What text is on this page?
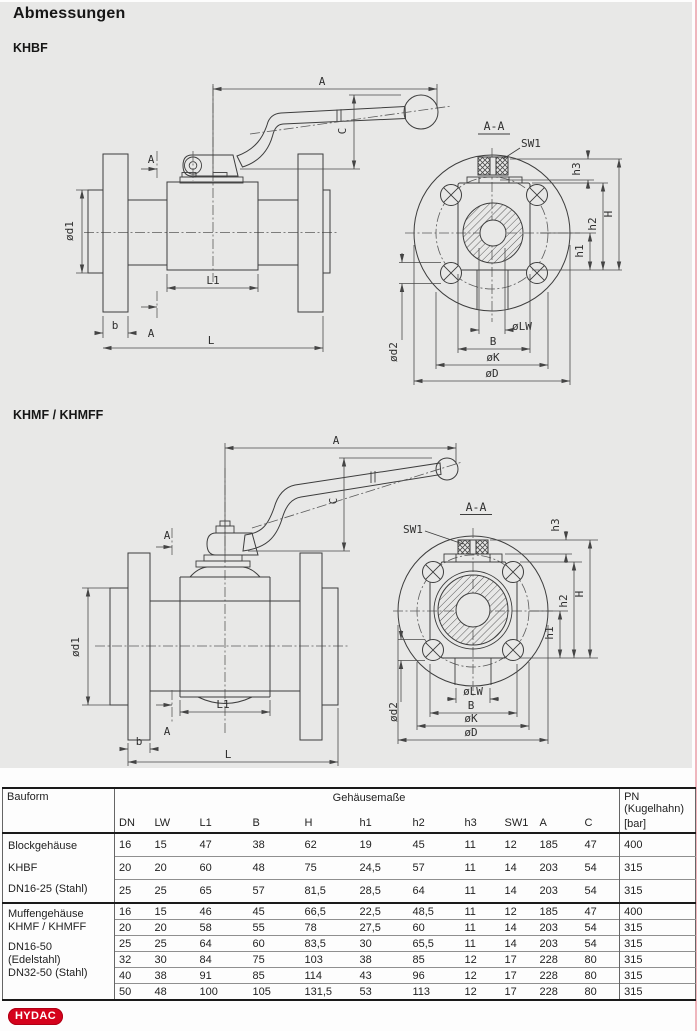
Abmessungen
KHBF
KHMF / KHMFF
A
C
A
A
ød1
L1
b
L
SW1
A-A
h3
h1
h2
H
ød2
øLW
B
øK
øD
A
C
A
A
ød1
L1
b
L
SW1
A-A
h3
h1
h2
H
ød2
øLW
B
øK
øD
Bauform	Gehäusemaße											PN
(Kugelhahn)
[bar]

	DN	LW	L1	B	H	h1	h2	h3	SW1	A	C	

Blockgehäuse
KHBF
DN16-25 (Stahl)	16	15	47	38	62	19	45	11	12	185	47	400
	20	20	60	48	75	24,5	57	11	14	203	54	315
	25	25	65	57	81,5	28,5	64	11	14	203	54	315

Muffengehäuse
KHMF / KHMFF
DN16-50
(Edelstahl)
DN32-50 (Stahl)	16	15	46	45	66,5	22,5	48,5	11	12	185	47	400
	20	20	58	55	78	27,5	60	11	14	203	54	315
	25	25	64	60	83,5	30	65,5	11	14	203	54	315
	32	30	84	75	103	38	85	12	17	228	80	315
	40	38	91	85	114	43	96	12	17	228	80	315
	50	48	100	105	131,5	53	113	12	17	228	80	315
HYDAC
